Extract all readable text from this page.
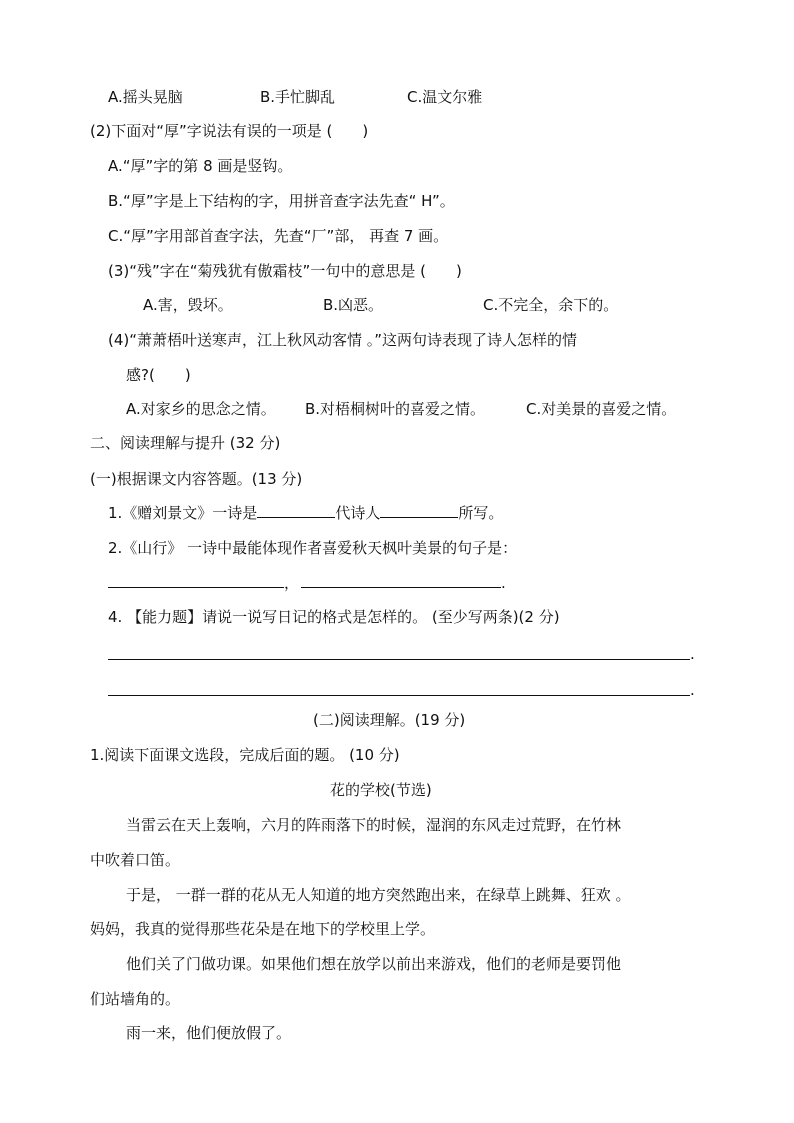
A.摇头晃脑	B.手忙脚乱	C.温文尔雅
(2)下面对“厚”字说法有误的一项是 (　　)
A.“厚”字的第 8 画是竖钩。
B.“厚”字是上下结构的字，用拼音查字法先查“ H”。
C.“厚”字用部首查字法，先查“厂”部， 再查 7 画。
(3)“残”字在“菊残犹有傲霜枝”一句中的意思是 (　　)
A.害，毁坏。	B.凶恶。	C.不完全，余下的。
(4)“萧萧梧叶送寒声，江上秋风动客情 。”这两句诗表现了诗人怎样的情
感?(　　)
A.对家乡的思念之情。 B.对梧桐树叶的喜爱之情。	C.对美景的喜爱之情。
二、阅读理解与提升 (32 分)
(一)根据课文内容答题。(13 分)
1.《赠刘景文》一诗是	代诗人	所写。
2.《山行》 一诗中最能体现作者喜爱秋天枫叶美景的句子是：
，	.
4. 【能力题】请说一说写日记的格式是怎样的。 (至少写两条)(2 分)
.
.
(二)阅读理解。(19 分)
1.阅读下面课文选段，完成后面的题。 (10 分)
花的学校(节选)
当雷云在天上轰响，六月的阵雨落下的时候，湿润的东风走过荒野，在竹林
中吹着口笛。
于是， 一群一群的花从无人知道的地方突然跑出来，在绿草上跳舞、狂欢 。
妈妈，我真的觉得那些花朵是在地下的学校里上学。
他们关了门做功课。如果他们想在放学以前出来游戏，他们的老师是要罚他
们站墙角的。
雨一来，他们便放假了。
